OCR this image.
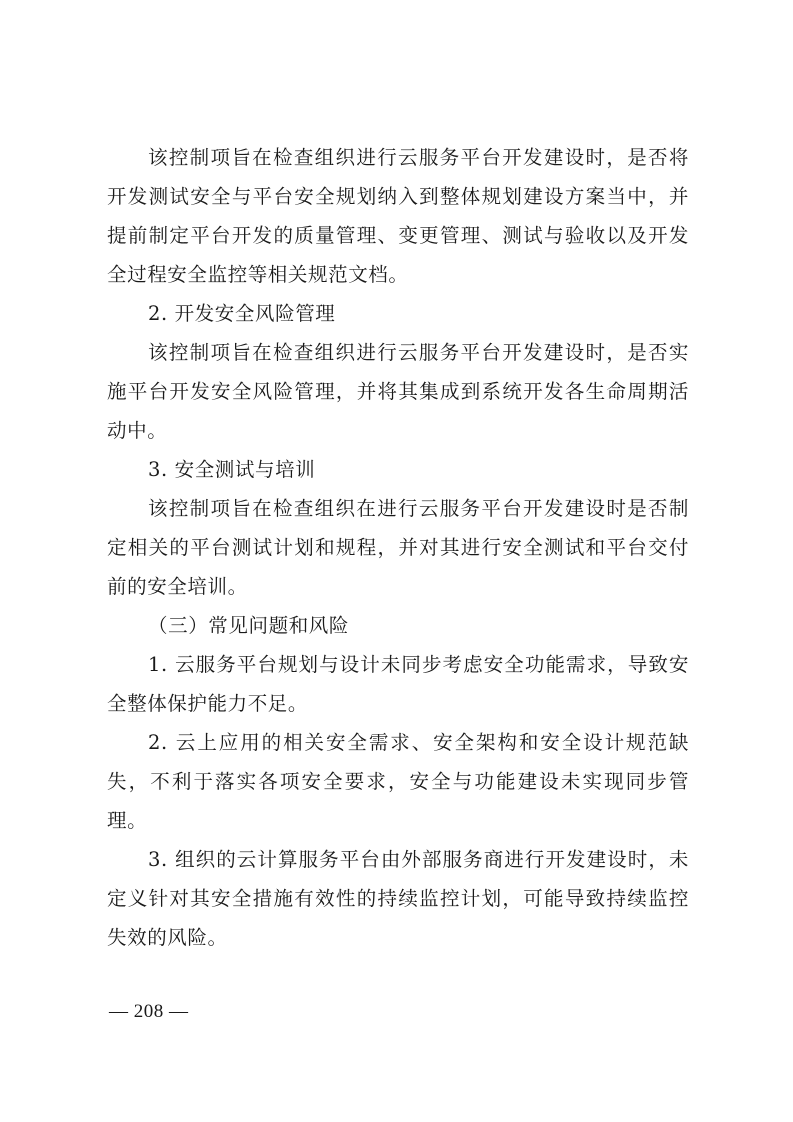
该控制项旨在检查组织进行云服务平台开发建设时，是否将开发测试安全与平台安全规划纳入到整体规划建设方案当中，并提前制定平台开发的质量管理、变更管理、测试与验收以及开发全过程安全监控等相关规范文档。

2. 开发安全风险管理

该控制项旨在检查组织进行云服务平台开发建设时，是否实施平台开发安全风险管理，并将其集成到系统开发各生命周期活动中。

3. 安全测试与培训

该控制项旨在检查组织在进行云服务平台开发建设时是否制定相关的平台测试计划和规程，并对其进行安全测试和平台交付前的安全培训。

（三）常见问题和风险

1. 云服务平台规划与设计未同步考虑安全功能需求，导致安全整体保护能力不足。

2. 云上应用的相关安全需求、安全架构和安全设计规范缺失，不利于落实各项安全要求，安全与功能建设未实现同步管理。

3. 组织的云计算服务平台由外部服务商进行开发建设时，未定义针对其安全措施有效性的持续监控计划，可能导致持续监控失效的风险。

— 208 —
